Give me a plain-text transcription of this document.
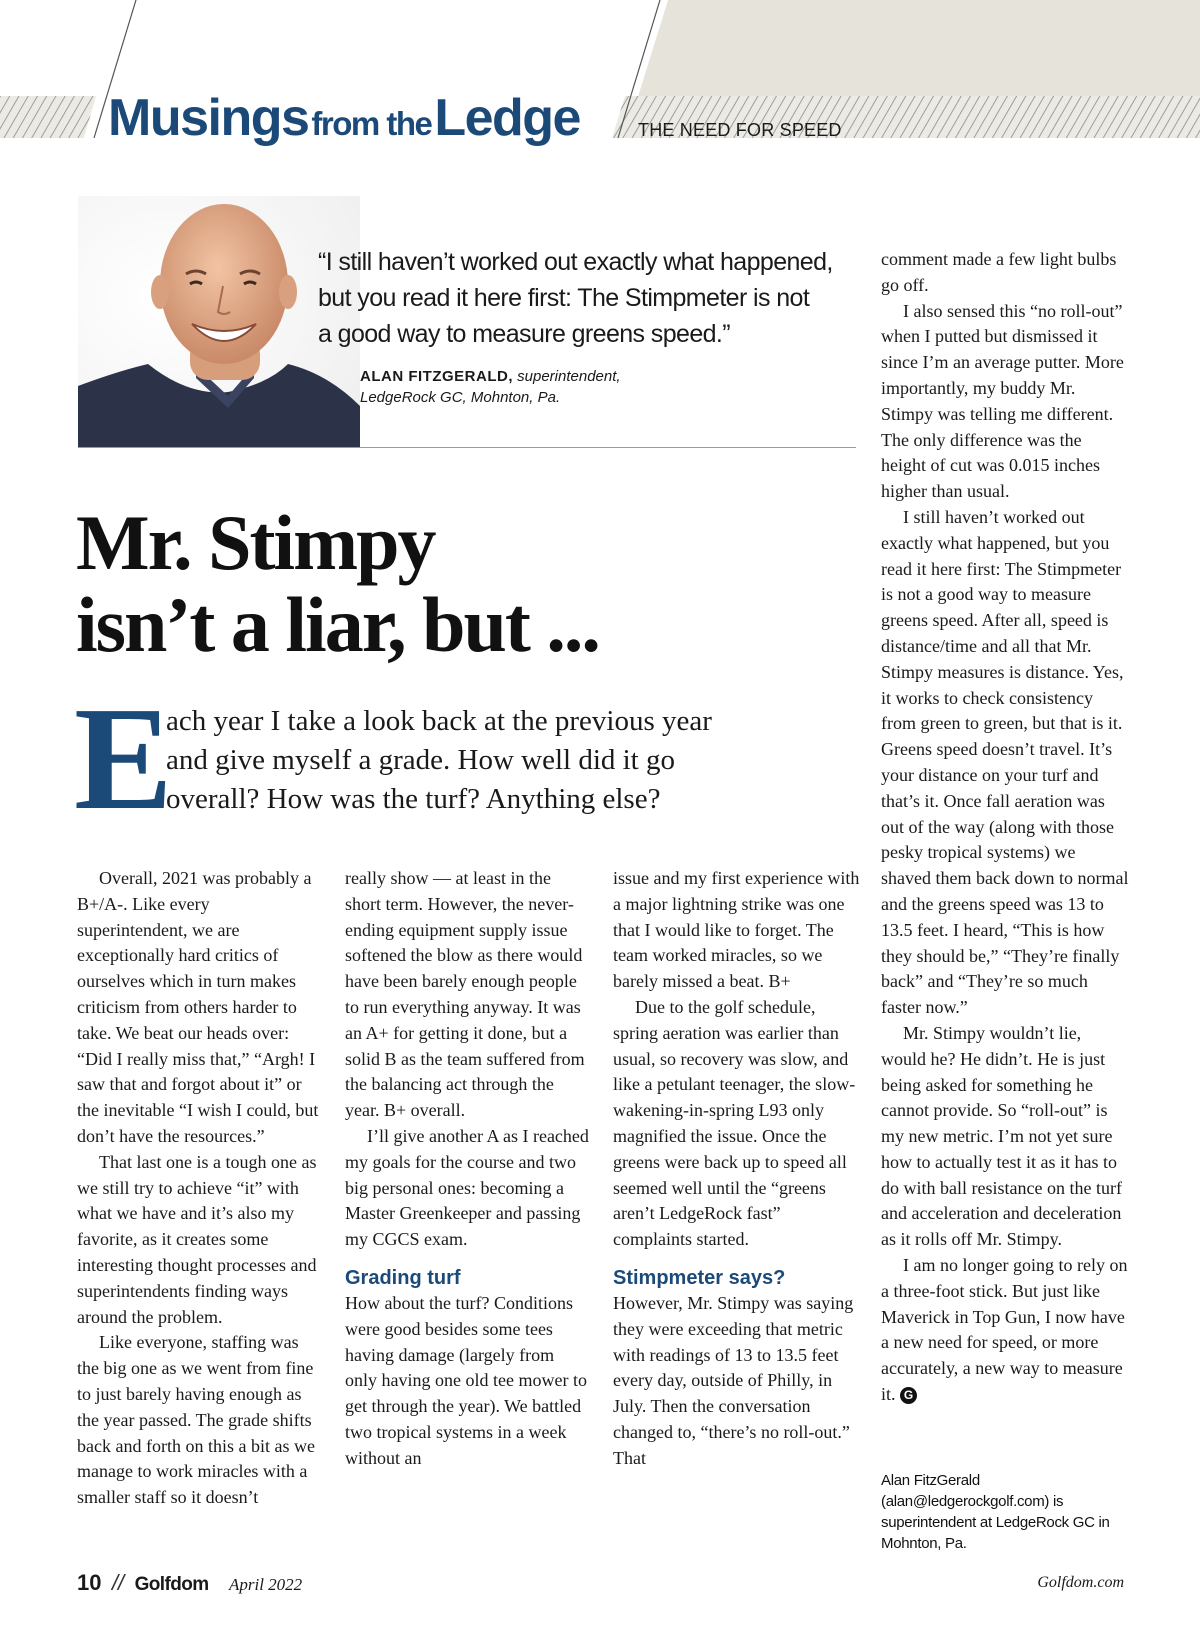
Musings from the Ledge	THE NEED FOR SPEED
“I still haven’t worked out exactly what happened,
but you read it here first: The Stimpmeter is not
a good way to measure greens speed.”
ALAN FITZGERALD, superintendent,
LedgeRock GC, Mohnton, Pa.
Mr. Stimpy
isn’t a liar, but ...
E
ach year I take a look back at the previous year
and give myself a grade. How well did it go
overall? How was the turf? Anything else?

Overall, 2021 was probably a B+/A-. Like every superintendent, we are exceptionally hard critics of ourselves which in turn makes criticism from others harder to take. We beat our heads over: “Did I really miss that,” “Argh! I saw that and forgot about it” or the inevitable “I wish I could, but don’t have the resources.”

That last one is a tough one as we still try to achieve “it” with what we have and it’s also my favorite, as it creates some interesting thought processes and superintendents finding ways around the problem.

Like everyone, staffing was the big one as we went from fine to just barely having enough as the year passed. The grade shifts back and forth on this a bit as we manage to work miracles with a smaller staff so it doesn’t

really show — at least in the short term. However, the never-ending equipment supply issue softened the blow as there would have been barely enough people to run everything anyway. It was an A+ for getting it done, but a solid B as the team suffered from the balancing act through the year. B+ overall.

I’ll give another A as I reached my goals for the course and two big personal ones: becoming a Master Greenkeeper and passing my CGCS exam.

Grading turf

How about the turf? Conditions were good besides some tees having damage (largely from only having one old tee mower to get through the year). We battled two tropical systems in a week without an

issue and my first experience with a major lightning strike was one that I would like to forget. The team worked miracles, so we barely missed a beat. B+

Due to the golf schedule, spring aeration was earlier than usual, so recovery was slow, and like a petulant teenager, the slow-wakening-in-spring L93 only magnified the issue. Once the greens were back up to speed all seemed well until the “greens aren’t LedgeRock fast” complaints started.

Stimpmeter says?

However, Mr. Stimpy was saying they were exceeding that metric with readings of 13 to 13.5 feet every day, outside of Philly, in July. Then the conversation changed to, “there’s no roll-out.” That

comment made a few light bulbs go off.

I also sensed this “no roll-out” when I putted but dismissed it since I’m an average putter. More importantly, my buddy Mr. Stimpy was telling me different. The only difference was the height of cut was 0.015 inches higher than usual.

I still haven’t worked out exactly what happened, but you read it here first: The Stimpmeter is not a good way to measure greens speed. After all, speed is distance/time and all that Mr. Stimpy measures is distance. Yes, it works to check consistency from green to green, but that is it. Greens speed doesn’t travel. It’s your distance on your turf and that’s it. Once fall aeration was out of the way (along with those pesky tropical systems) we shaved them back down to normal and the greens speed was 13 to 13.5 feet. I heard, “This is how they should be,” “They’re finally back” and “They’re so much faster now.”

Mr. Stimpy wouldn’t lie, would he? He didn’t. He is just being asked for something he cannot provide. So “roll-out” is my new metric. I’m not yet sure how to actually test it as it has to do with ball resistance on the turf and acceleration and deceleration as it rolls off Mr. Stimpy.

I am no longer going to rely on a three-foot stick. But just like Maverick in Top Gun, I now have a new need for speed, or more accurately, a new way to measure it. G

Alan FitzGerald (alan@ledgerockgolf.com) is superintendent at LedgeRock GC in Mohnton, Pa.
10 // Golfdom April 2022	Golfdom.com
